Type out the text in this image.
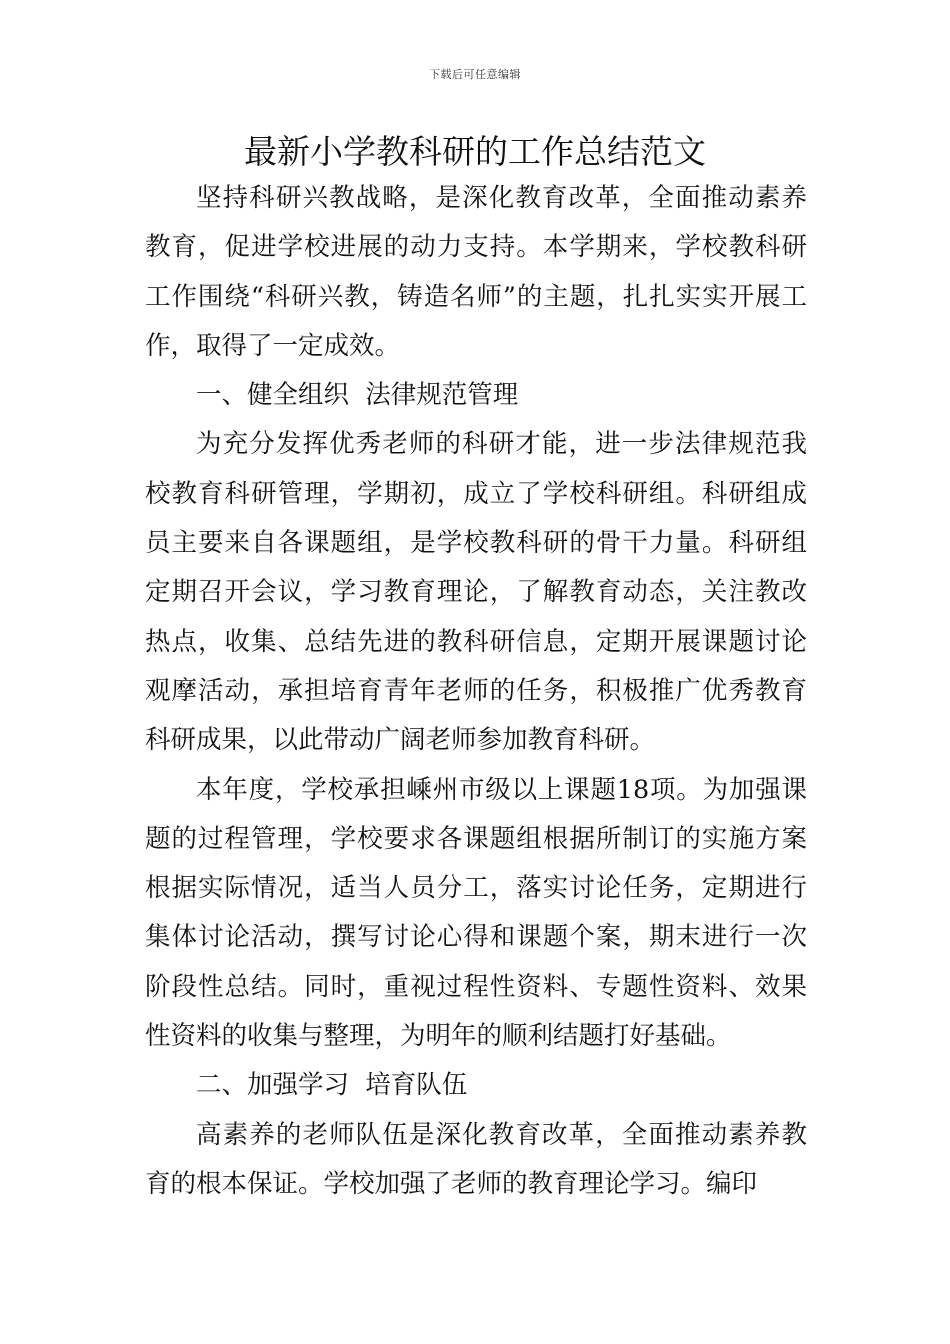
下载后可任意编辑
最新小学教科研的工作总结范文

坚持科研兴教战略，是深化教育改革，全面推动素养教育，促进学校进展的动力支持。本学期来，学校教科研工作围绕“科研兴教，铸造名师”的主题，扎扎实实开展工作，取得了一定成效。

一、健全组织  法律规范管理

为充分发挥优秀老师的科研才能，进一步法律规范我校教育科研管理，学期初，成立了学校科研组。科研组成员主要来自各课题组，是学校教科研的骨干力量。科研组定期召开会议，学习教育理论，了解教育动态，关注教改热点，收集、总结先进的教科研信息，定期开展课题讨论观摩活动，承担培育青年老师的任务，积极推广优秀教育科研成果，以此带动广阔老师参加教育科研。

本年度，学校承担嵊州市级以上课题18项。为加强课题的过程管理，学校要求各课题组根据所制订的实施方案根据实际情况，适当人员分工，落实讨论任务，定期进行集体讨论活动，撰写讨论心得和课题个案，期末进行一次阶段性总结。同时，重视过程性资料、专题性资料、效果性资料的收集与整理，为明年的顺利结题打好基础。

二、加强学习  培育队伍

高素养的老师队伍是深化教育改革，全面推动素养教育的根本保证。学校加强了老师的教育理论学习。编印
